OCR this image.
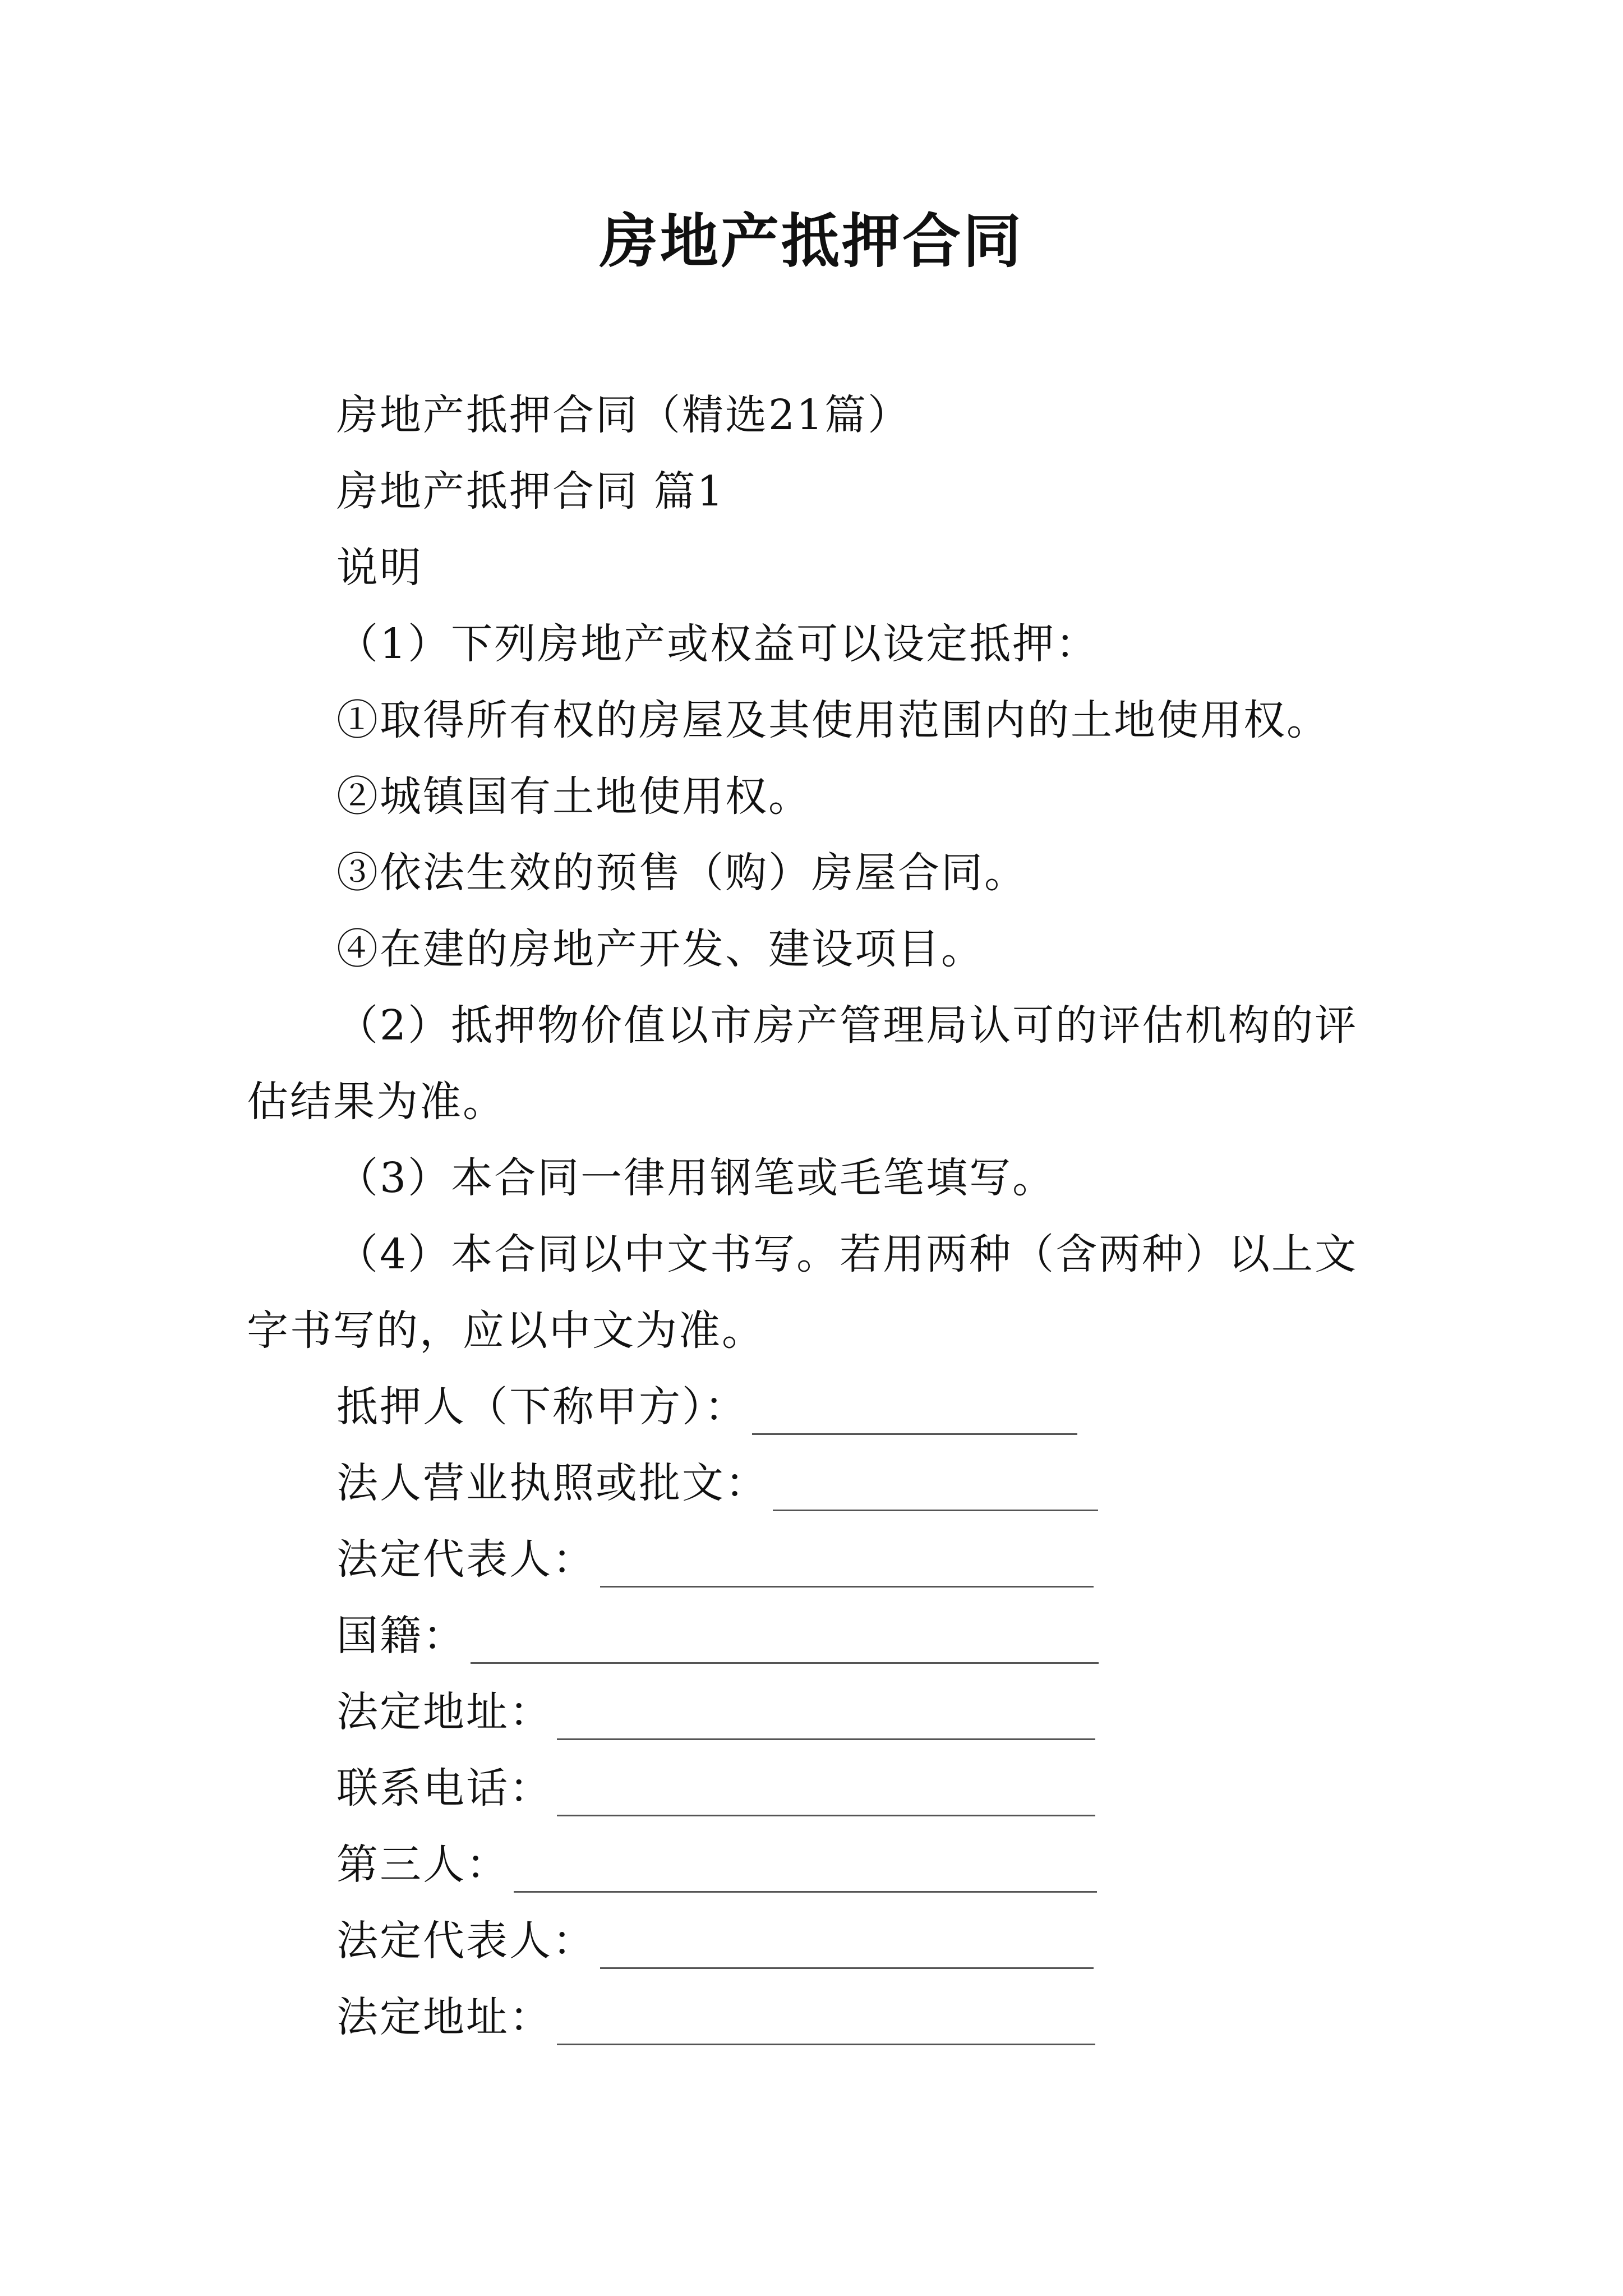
房地产抵押合同
房地产抵押合同（精选21篇）
房地产抵押合同 篇1
说明
（1）下列房地产或权益可以设定抵押：
①取得所有权的房屋及其使用范围内的土地使用权。
②城镇国有土地使用权。
③依法生效的预售（购）房屋合同。
④在建的房地产开发、建设项目。
（2）抵押物价值以市房产管理局认可的评估机构的评
估结果为准。
（3）本合同一律用钢笔或毛笔填写。
（4）本合同以中文书写。若用两种（含两种）以上文
字书写的，应以中文为准。
抵押人（下称甲方）：
法人营业执照或批文：
法定代表人：
国籍：
法定地址：
联系电话：
第三人：
法定代表人：
法定地址：
